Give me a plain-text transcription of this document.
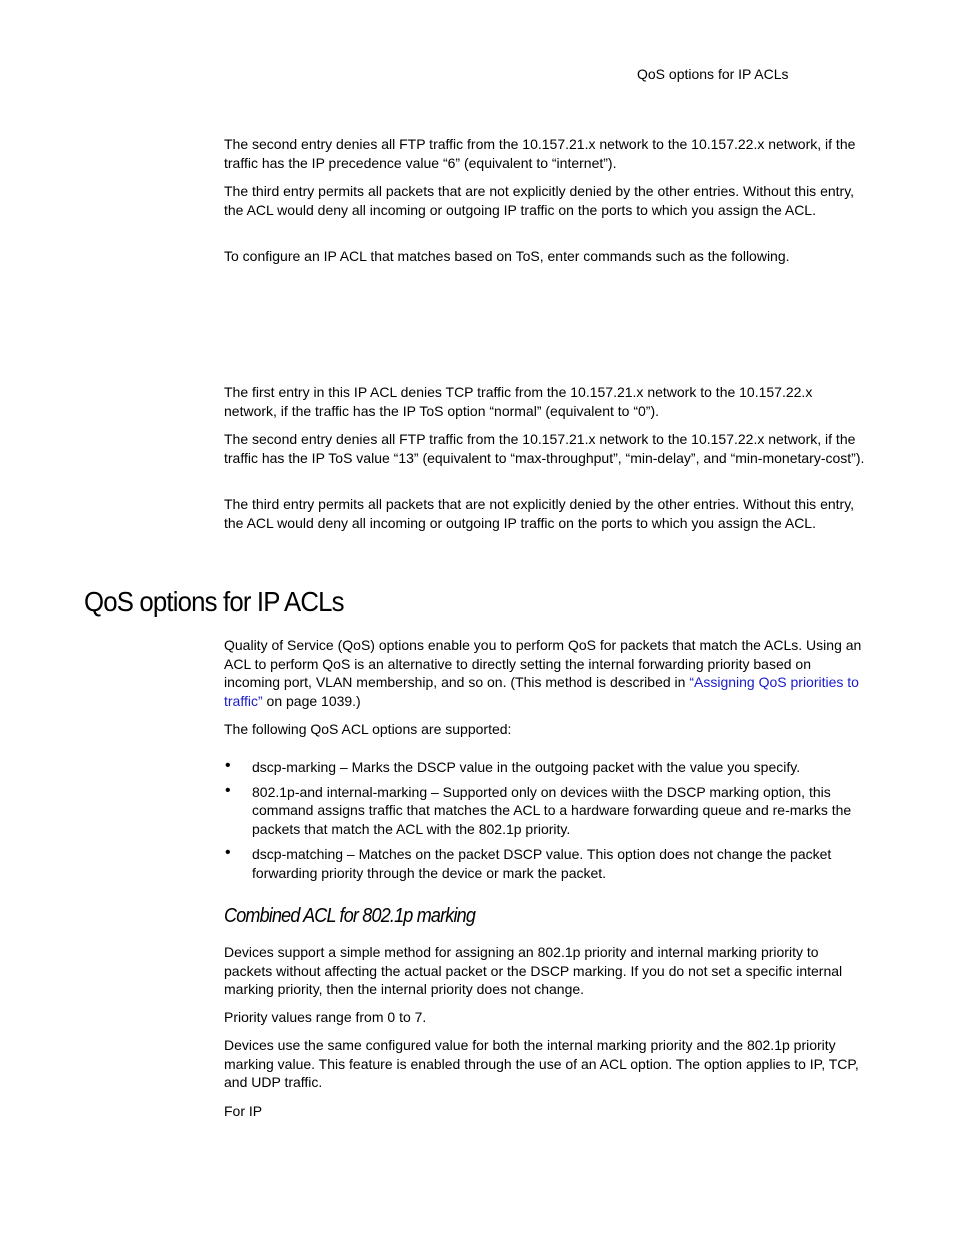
QoS options for IP ACLs

The second entry denies all FTP traffic from the 10.157.21.x network to the 10.157.22.x network, if the traffic has the IP precedence value “6” (equivalent to “internet”).

The third entry permits all packets that are not explicitly denied by the other entries. Without this entry, the ACL would deny all incoming or outgoing IP traffic on the ports to which you assign the ACL.

To configure an IP ACL that matches based on ToS, enter commands such as the following.

The first entry in this IP ACL denies TCP traffic from the 10.157.21.x network to the 10.157.22.x network, if the traffic has the IP ToS option “normal” (equivalent to “0”).

The second entry denies all FTP traffic from the 10.157.21.x network to the 10.157.22.x network, if the traffic has the IP ToS value “13” (equivalent to “max-throughput”, “min-delay”, and “min-monetary-cost”).

The third entry permits all packets that are not explicitly denied by the other entries. Without this entry, the ACL would deny all incoming or outgoing IP traffic on the ports to which you assign the ACL.

QoS options for IP ACLs

Quality of Service (QoS) options enable you to perform QoS for packets that match the ACLs. Using an ACL to perform QoS is an alternative to directly setting the internal forwarding priority based on incoming port, VLAN membership, and so on. (This method is described in “Assigning QoS priorities to traffic” on page 1039.)

The following QoS ACL options are supported:

• dscp-marking – Marks the DSCP value in the outgoing packet with the value you specify.
• 802.1p-and internal-marking – Supported only on devices wiith the DSCP marking option, this command assigns traffic that matches the ACL to a hardware forwarding queue and re-marks the packets that match the ACL with the 802.1p priority.
• dscp-matching – Matches on the packet DSCP value. This option does not change the packet forwarding priority through the device or mark the packet.
Combined ACL for 802.1p marking

Devices support a simple method for assigning an 802.1p priority and internal marking priority to packets without affecting the actual packet or the DSCP marking. If you do not set a specific internal marking priority, then the internal priority does not change.

Priority values range from 0 to 7.

Devices use the same configured value for both the internal marking priority and the 802.1p priority marking value. This feature is enabled through the use of an ACL option. The option applies to IP, TCP, and UDP traffic.

For IP
